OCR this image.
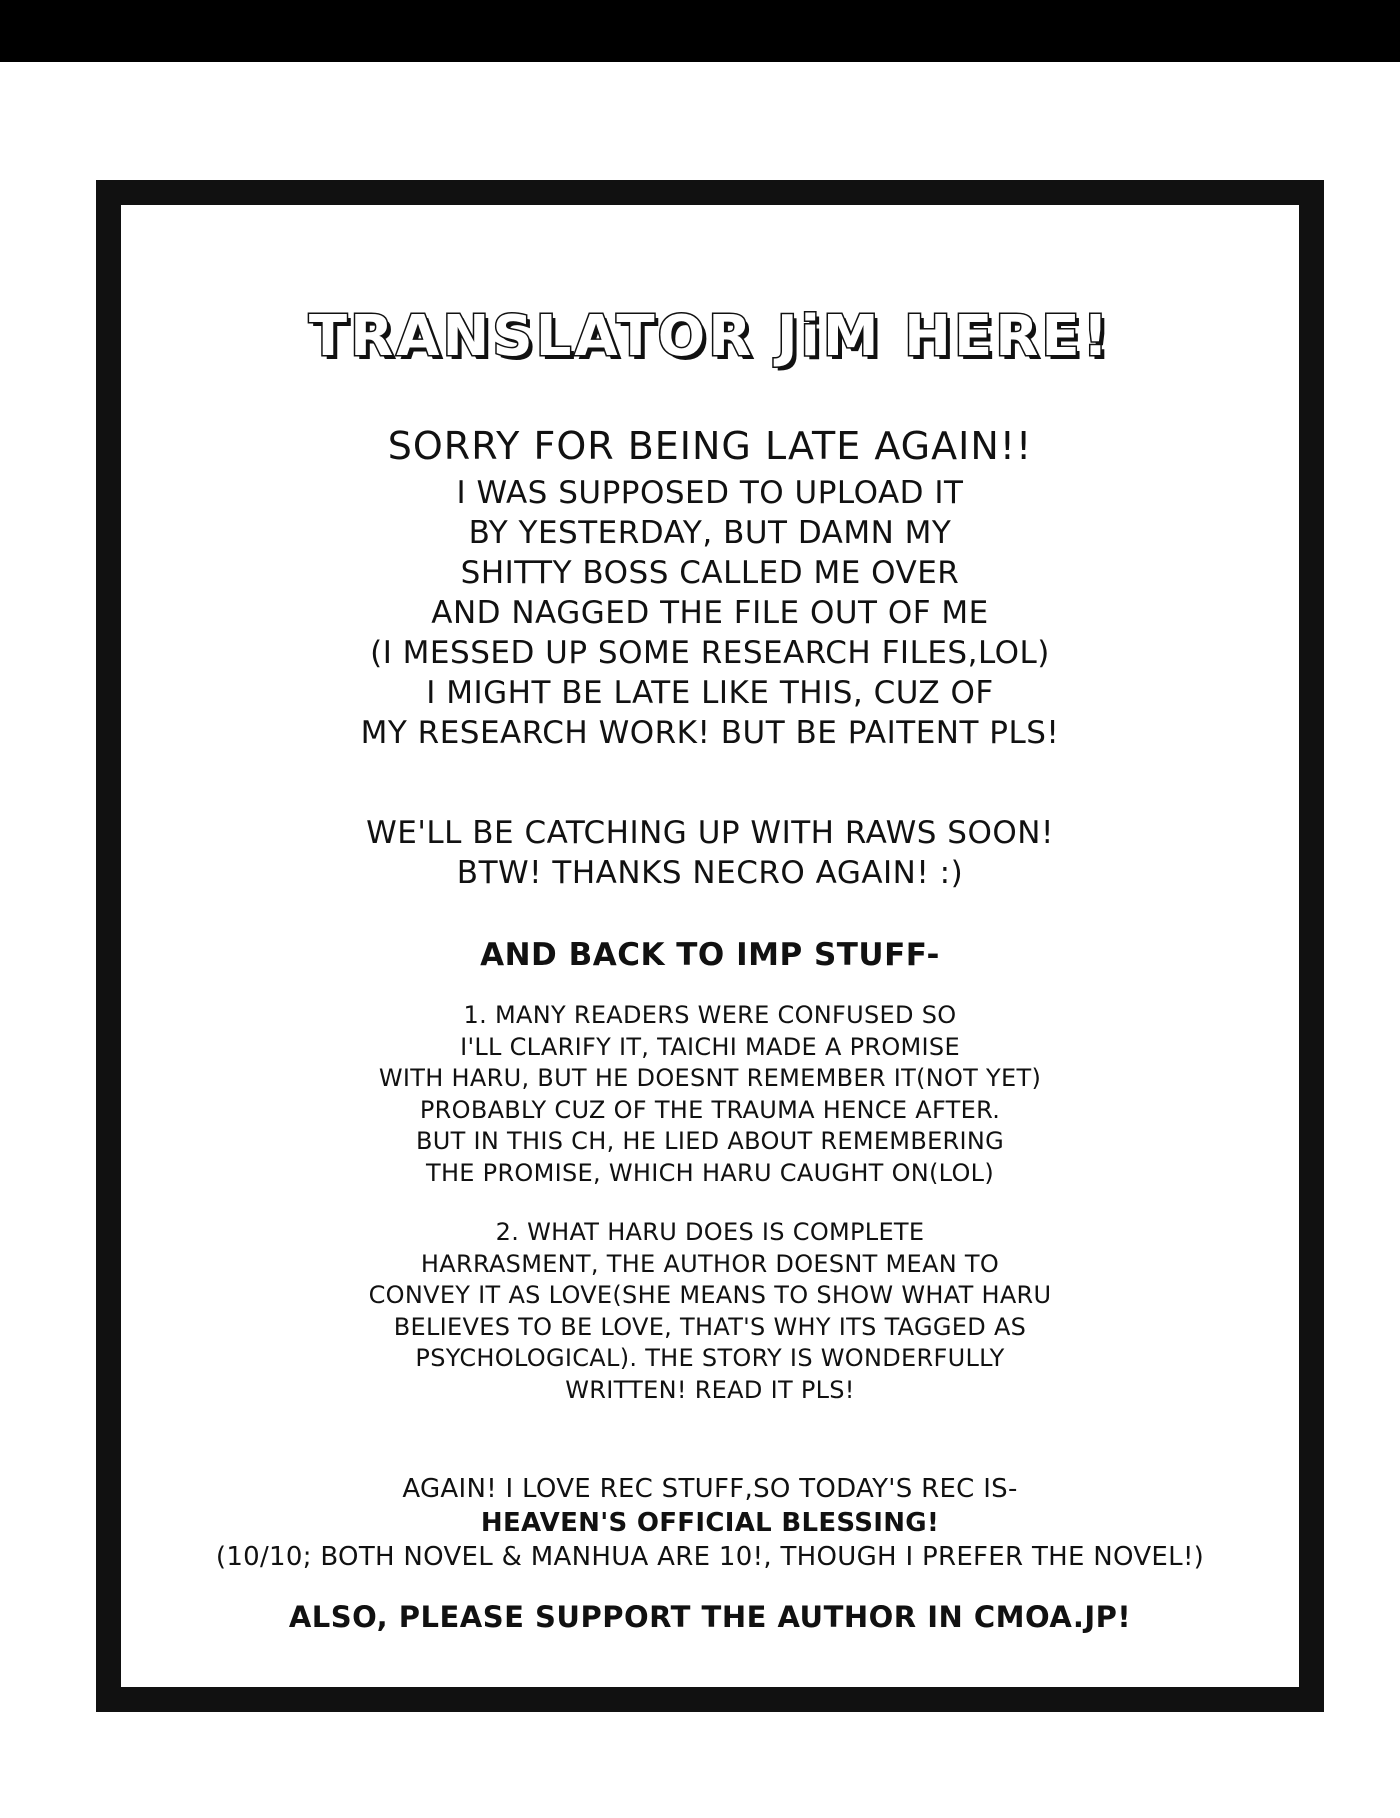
TRANSLATOR JiM HERE!
SORRY FOR BEING LATE AGAIN!!
I WAS SUPPOSED TO UPLOAD IT
BY YESTERDAY, BUT DAMN MY
SHITTY BOSS CALLED ME OVER
AND NAGGED THE FILE OUT OF ME
(I MESSED UP SOME RESEARCH FILES,LOL)
I MIGHT BE LATE LIKE THIS, CUZ OF
MY RESEARCH WORK! BUT BE PAITENT PLS!
WE'LL BE CATCHING UP WITH RAWS SOON!
BTW! THANKS NECRO AGAIN! :)
AND BACK TO IMP STUFF-
1. MANY READERS WERE CONFUSED SO
I'LL CLARIFY IT, TAICHI MADE A PROMISE
WITH HARU, BUT HE DOESNT REMEMBER IT(NOT YET)
PROBABLY CUZ OF THE TRAUMA HENCE AFTER.
BUT IN THIS CH, HE LIED ABOUT REMEMBERING
THE PROMISE, WHICH HARU CAUGHT ON(LOL)
2. WHAT HARU DOES IS COMPLETE
HARRASMENT, THE AUTHOR DOESNT MEAN TO
CONVEY IT AS LOVE(SHE MEANS TO SHOW WHAT HARU
BELIEVES TO BE LOVE, THAT'S WHY ITS TAGGED AS
PSYCHOLOGICAL). THE STORY IS WONDERFULLY
WRITTEN! READ IT PLS!
AGAIN! I LOVE REC STUFF,SO TODAY'S REC IS-
HEAVEN'S OFFICIAL BLESSING!
(10/10; BOTH NOVEL & MANHUA ARE 10!, THOUGH I PREFER THE NOVEL!)
ALSO, PLEASE SUPPORT THE AUTHOR IN CMOA.JP!
